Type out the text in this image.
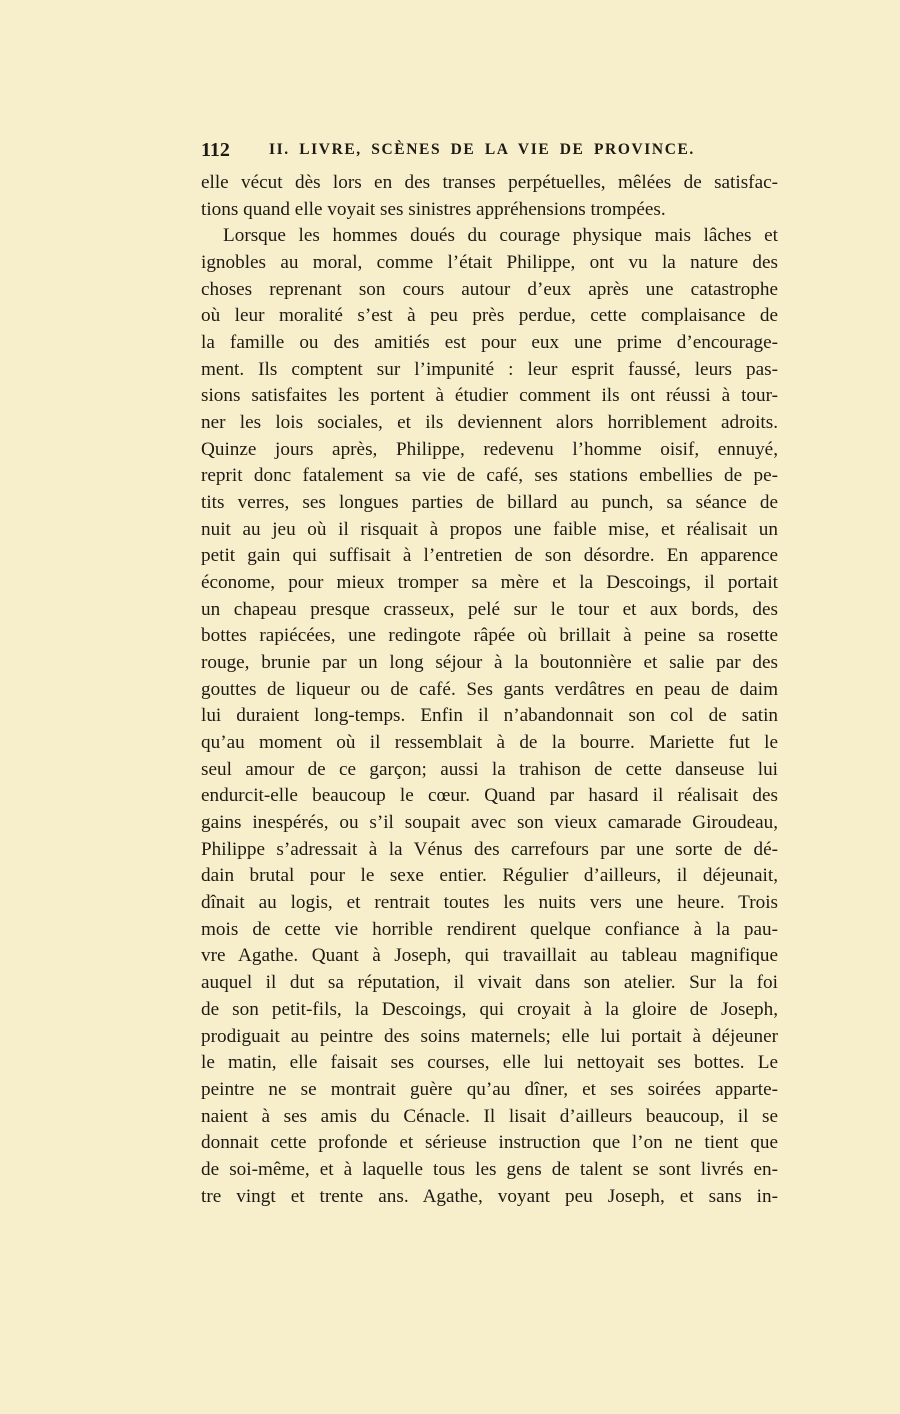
112	II. LIVRE, SCÈNES DE LA VIE DE PROVINCE.
elle vécut dès lors en des transes perpétuelles, mêlées de satisfac-
tions quand elle voyait ses sinistres appréhensions trompées.
Lorsque les hommes doués du courage physique mais lâches et
ignobles au moral, comme l’était Philippe, ont vu la nature des
choses reprenant son cours autour d’eux après une catastrophe
où leur moralité s’est à peu près perdue, cette complaisance de
la famille ou des amitiés est pour eux une prime d’encourage-
ment. Ils comptent sur l’impunité : leur esprit faussé, leurs pas-
sions satisfaites les portent à étudier comment ils ont réussi à tour-
ner les lois sociales, et ils deviennent alors horriblement adroits.
Quinze jours après, Philippe, redevenu l’homme oisif, ennuyé,
reprit donc fatalement sa vie de café, ses stations embellies de pe-
tits verres, ses longues parties de billard au punch, sa séance de
nuit au jeu où il risquait à propos une faible mise, et réalisait un
petit gain qui suffisait à l’entretien de son désordre. En apparence
économe, pour mieux tromper sa mère et la Descoings, il portait
un chapeau presque crasseux, pelé sur le tour et aux bords, des
bottes rapiécées, une redingote râpée où brillait à peine sa rosette
rouge, brunie par un long séjour à la boutonnière et salie par des
gouttes de liqueur ou de café. Ses gants verdâtres en peau de daim
lui duraient long-temps. Enfin il n’abandonnait son col de satin
qu’au moment où il ressemblait à de la bourre. Mariette fut le
seul amour de ce garçon; aussi la trahison de cette danseuse lui
endurcit-elle beaucoup le cœur. Quand par hasard il réalisait des
gains inespérés, ou s’il soupait avec son vieux camarade Giroudeau,
Philippe s’adressait à la Vénus des carrefours par une sorte de dé-
dain brutal pour le sexe entier. Régulier d’ailleurs, il déjeunait,
dînait au logis, et rentrait toutes les nuits vers une heure. Trois
mois de cette vie horrible rendirent quelque confiance à la pau-
vre Agathe. Quant à Joseph, qui travaillait au tableau magnifique
auquel il dut sa réputation, il vivait dans son atelier. Sur la foi
de son petit-fils, la Descoings, qui croyait à la gloire de Joseph,
prodiguait au peintre des soins maternels; elle lui portait à déjeuner
le matin, elle faisait ses courses, elle lui nettoyait ses bottes. Le
peintre ne se montrait guère qu’au dîner, et ses soirées apparte-
naient à ses amis du Cénacle. Il lisait d’ailleurs beaucoup, il se
donnait cette profonde et sérieuse instruction que l’on ne tient que
de soi-même, et à laquelle tous les gens de talent se sont livrés en-
tre vingt et trente ans. Agathe, voyant peu Joseph, et sans in-
